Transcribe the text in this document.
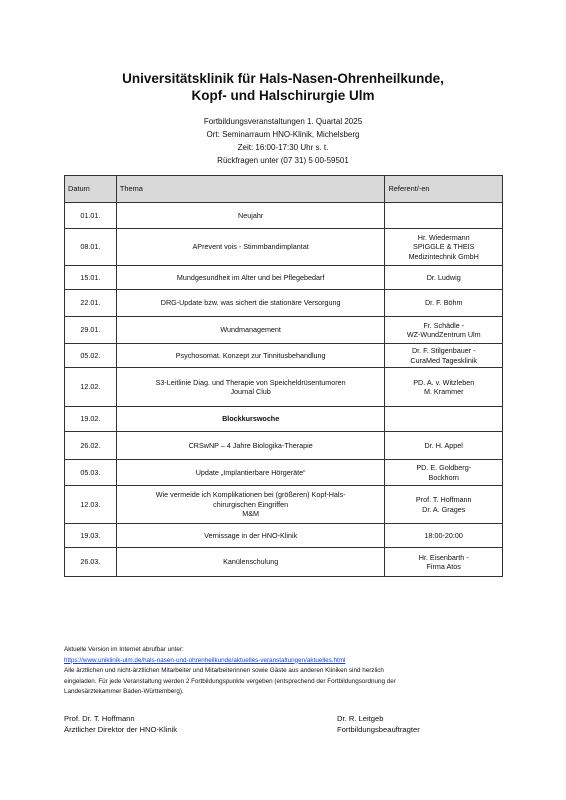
Universitätsklinik für Hals-Nasen-Ohrenheilkunde,
Kopf- und Halschirurgie Ulm
Fortbildungsveranstaltungen 1. Quartal 2025
Ort: Seminarraum HNO-Klinik, Michelsberg
Zeit: 16:00-17:30 Uhr s. t.
Rückfragen unter (07 31) 5 00-59501
Datum	Thema	Referent/-en
01.01.	Neujahr	

08.01.	APrevent vois - Stimmbandimplantat	Hr. Wiedermann
SPIGGLE & THEIS
Medizintechnik GmbH

15.01.	Mundgesundheit im Alter und bei Pflegebedarf	Dr. Ludwig

22.01.	DRG-Update bzw. was sichert die stationäre Versorgung	Dr. F. Böhm

29.01.	Wundmanagement	Fr. Schädle -
WZ-WundZentrum Ulm

05.02.	Psychosomat. Konzept zur Tinnitusbehandlung	Dr. F. Stilgenbauer -
CuraMed Tagesklinik

12.02.	S3-Leitlinie Diag. und Therapie von Speicheldrüsentumoren
Journal Club	PD. A. v. Witzleben
M. Krammer

19.02.	Blockkurswoche	

26.02.	CRSwNP – 4 Jahre Biologika-Therapie	Dr. H. Appel

05.03.	Update „Implantierbare Hörgeräte“	PD. E. Goldberg-
Bockhorn

12.03.	Wie vermeide ich Komplikationen bei (größeren) Kopf-Hals-
chirurgischen Eingriffen
M&M	Prof. T. Hoffmann
Dr. A. Grages

19.03.	Vernissage in der HNO-Klinik	18:00-20:00

26.03.	Kanülenschulung	Hr. Eisenbarth -
Firma Atos
Aktuelle Version im Internet abrufbar unter:
https://www.uniklinik-ulm.de/hals-nasen-und-ohrenheilkunde/aktuelles-veranstaltungen/aktuelles.html
Alle ärztlichen und nicht-ärztlichen Mitarbeiter und Mitarbeiterinnen sowie Gäste aus anderen Kliniken sind herzlich
eingeladen. Für jede Veranstaltung werden 2 Fortbildungspunkte vergeben (entsprechend der Fortbildungsordnung der
Landesärztekammer Baden-Württemberg).
Prof. Dr. T. Hoffmann
Ärztlicher Direktor der HNO-Klinik
Dr. R. Leitgeb
Fortbildungsbeauftragter
